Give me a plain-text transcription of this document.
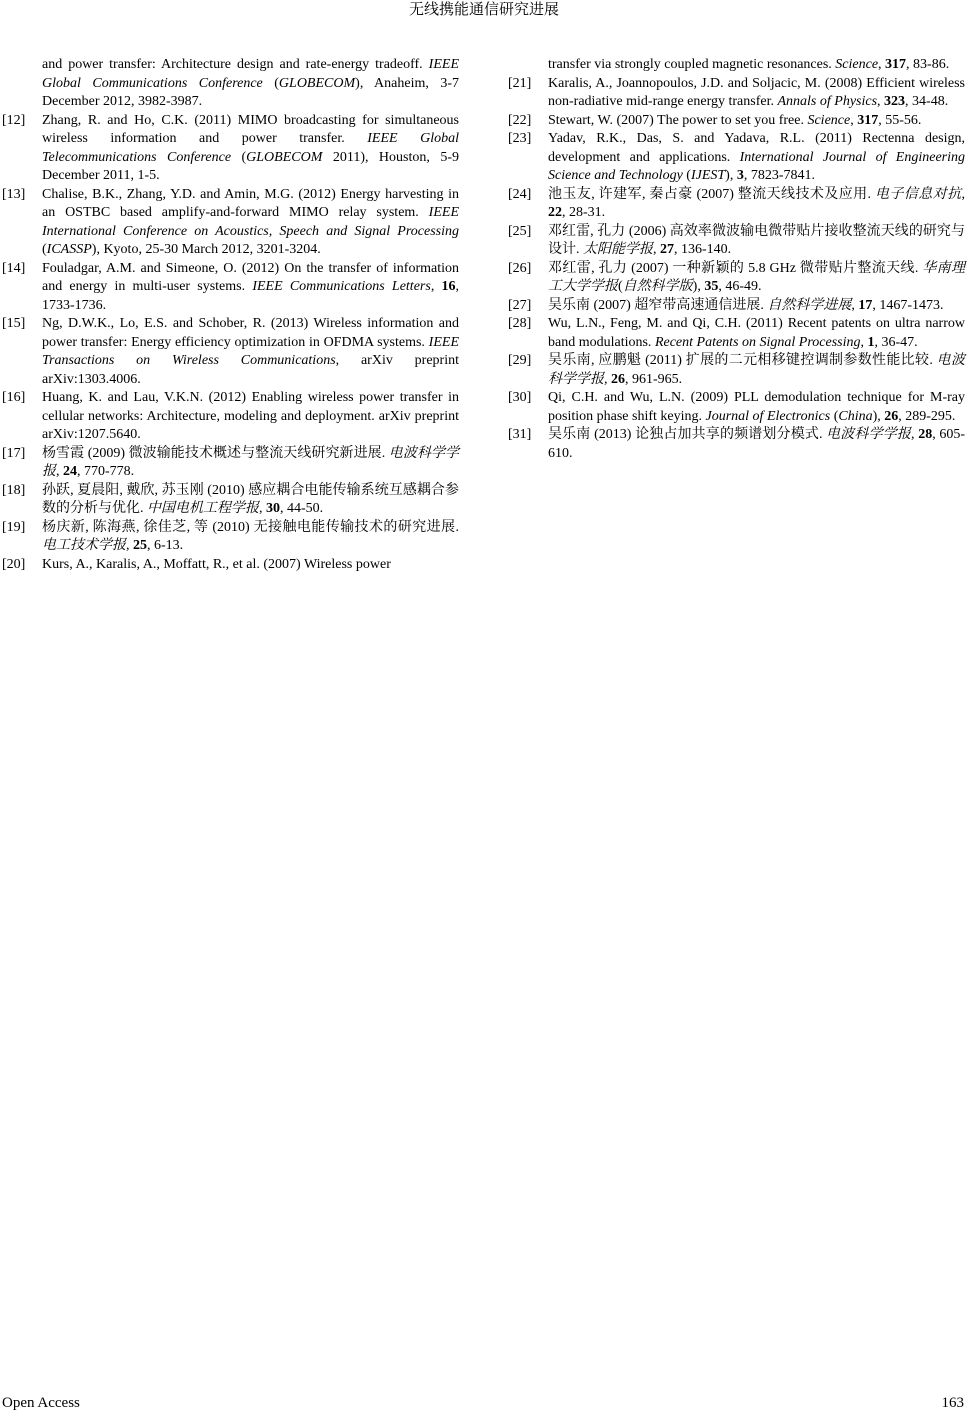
无线携能通信研究进展
and power transfer: Architecture design and rate-energy tradeoff. IEEE Global Communications Conference (GLOBECOM), Anaheim, 3-7 December 2012, 3982-3987.
[12]	Zhang, R. and Ho, C.K. (2011) MIMO broadcasting for simultaneous wireless information and power transfer. IEEE Global Telecommunications Conference (GLOBECOM 2011), Houston, 5-9 December 2011, 1-5.
[13]	Chalise, B.K., Zhang, Y.D. and Amin, M.G. (2012) Energy harvesting in an OSTBC based amplify-and-forward MIMO relay system. IEEE International Conference on Acoustics, Speech and Signal Processing (ICASSP), Kyoto, 25-30 March 2012, 3201-3204.
[14]	Fouladgar, A.M. and Simeone, O. (2012) On the transfer of information and energy in multi-user systems. IEEE Communications Letters, 16, 1733-1736.
[15]	Ng, D.W.K., Lo, E.S. and Schober, R. (2013) Wireless information and power transfer: Energy efficiency optimization in OFDMA systems. IEEE Transactions on Wireless Communications, arXiv preprint arXiv:1303.4006.
[16]	Huang, K. and Lau, V.K.N. (2012) Enabling wireless power transfer in cellular networks: Architecture, modeling and deployment. arXiv preprint arXiv:1207.5640.
[17]	杨雪霞 (2009) 微波输能技术概述与整流天线研究新进展. 电波科学学报, 24, 770-778.
[18]	孙跃, 夏晨阳, 戴欣, 苏玉刚 (2010) 感应耦合电能传输系统互感耦合参数的分析与优化. 中国电机工程学报, 30, 44-50.
[19]	杨庆新, 陈海燕, 徐佳芝, 等 (2010) 无接触电能传输技术的研究进展. 电工技术学报, 25, 6-13.
[20]	Kurs, A., Karalis, A., Moffatt, R., et al. (2007) Wireless power
transfer via strongly coupled magnetic resonances. Science, 317, 83-86.
[21]	Karalis, A., Joannopoulos, J.D. and Soljacic, M. (2008) Efficient wireless non-radiative mid-range energy transfer. Annals of Physics, 323, 34-48.
[22]	Stewart, W. (2007) The power to set you free. Science, 317, 55-56.
[23]	Yadav, R.K., Das, S. and Yadava, R.L. (2011) Rectenna design, development and applications. International Journal of Engineering Science and Technology (IJEST), 3, 7823-7841.
[24]	池玉友, 许建军, 秦占豪 (2007) 整流天线技术及应用. 电子信息对抗, 22, 28-31.
[25]	邓红雷, 孔力 (2006) 高效率微波输电微带贴片接收整流天线的研究与设计. 太阳能学报, 27, 136-140.
[26]	邓红雷, 孔力 (2007) 一种新颖的 5.8 GHz 微带贴片整流天线. 华南理工大学学报(自然科学版), 35, 46-49.
[27]	吴乐南 (2007) 超窄带高速通信进展. 自然科学进展, 17, 1467-1473.
[28]	Wu, L.N., Feng, M. and Qi, C.H. (2011) Recent patents on ultra narrow band modulations. Recent Patents on Signal Processing, 1, 36-47.
[29]	吴乐南, 应鹏魁 (2011) 扩展的二元相移键控调制参数性能比较. 电波科学学报, 26, 961-965.
[30]	Qi, C.H. and Wu, L.N. (2009) PLL demodulation technique for M-ray position phase shift keying. Journal of Electronics (China), 26, 289-295.
[31]	吴乐南 (2013) 论独占加共享的频谱划分模式. 电波科学学报, 28, 605-610.
Open Access	163
